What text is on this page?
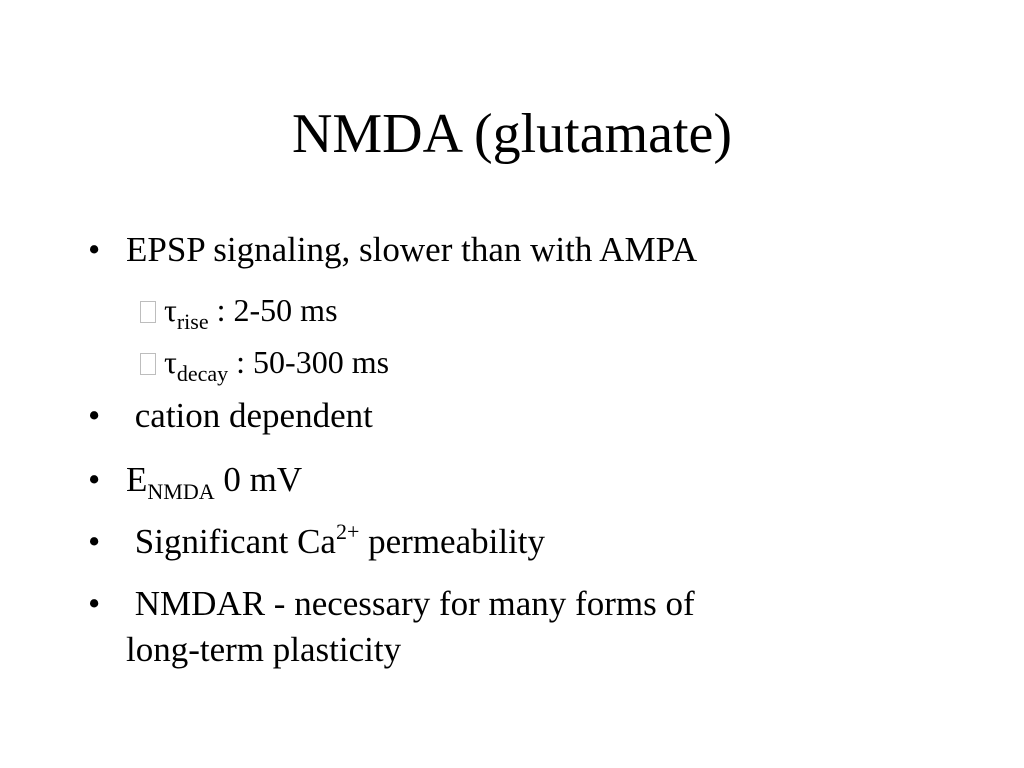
NMDA (glutamate)
• EPSP signaling, slower than with AMPA
$\tau_{rise}$ : 2-50 ms
$\tau_{decay}$ : 50-300 ms
• cation dependent
• $E_{NMDA}$ 0 mV
• Significant $Ca^{2+}$ permeability
• NMDAR - necessary for many forms of
long-term plasticity
